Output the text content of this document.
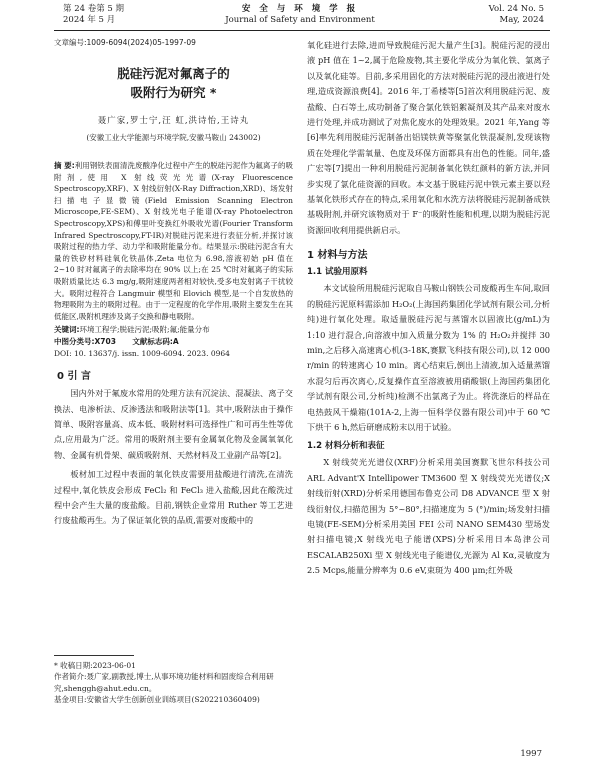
第 24 卷第 5 期
2024 年 5 月
安 全 与 环 境 学 报
Journal of Safety and Environment
Vol. 24 No. 5
May, 2024
文章编号:1009-6094(2024)05-1997-09
脱硅污泥对氟离子的
吸附行为研究 *
聂广家,罗士宁,汪 虹,洪诗怡,王诗丸
(安徽工业大学能源与环境学院,安徽马鞍山 243002)
摘 要:利用钢铁表面清洗废酸净化过程中产生的脱硅污泥作为氟离子的吸附剂,使用 X 射线荧光光谱(X-ray Fluorescence Spectroscopy,XRF)、X 射线衍射(X-Ray Diffraction,XRD)、场发射扫描电子显微镜(Field Emission Scanning Electron Microscope,FE-SEM)、X 射线光电子能谱(X-ray Photoelectron Spectroscopy,XPS)和傅里叶变换红外吸收光谱(Fourier Transform Infrared Spectroscopy,FT-IR)对脱硅污泥来进行表征分析,并探讨该吸附过程的热力学、动力学和吸附能量分布。结果显示:脱硅污泥含有大量的铁矽材料硅氧化铁晶体,Zeta 电位为 6.98,溶液初始 pH 值在 2~10 时对氟离子的去除率均在 90% 以上;在 25 ℃时对氟离子的实际吸附质量比达 6.3 mg/g,吸附速度两者相对较快,受多电发射离子干扰较大。吸附过程符合 Langmuir 模型和 Elovich 模型,是一个自发放热的物理吸附为主的吸附过程。由于一定程度的化学作用,吸附主要发生在其低能区,吸附机理涉及离子交换和静电吸附。
关键词:环境工程学;脱硅污泥;吸附;氟;能量分布
中图分类号:X703 文献标志码:A
DOI: 10. 13637/j. issn. 1009-6094. 2023. 0964
0 引 言

国内外对于氟废水常用的处理方法有沉淀法、混凝法、离子交换法、电渗析法、反渗透法和吸附法等[1]。其中,吸附法由于操作简单、吸附容量高、成本低、吸附材料可选择性广和可再生性等优点,应用最为广泛。常用的吸附剂主要有金属氧化物及金属氧氧化物、金属有机骨架、碳质吸附剂、天然材料及工业副产品等[2]。

板材加工过程中表面的氧化铁皮需要用盐酸进行清洗,在清洗过程中,氧化铁皮会形成 FeCl₂ 和 FeCl₃ 进入盐酸,因此在酸洗过程中会产生大量的废盐酸。目前,钢铁企业常用 Ruther 等工艺进行废盐酸再生。为了保证氧化铁的品质,需要对废酸中的

* 收稿日期:2023-06-01

作者简介:聂广家,副教授,博士,从事环境功能材料和固废综合利用研究,shenggh@ahut.edu.cn。

基金项目:安徽省大学生创新创业训练项目(S202210360409)

氧化硅进行去除,进而导致脱硅污泥大量产生[3]。脱硅污泥的浸出液 pH 值在 1~2,属于危险废物,其主要化学成分为氧化铁、氯离子以及氧化硅等。目前,多采用固化的方法对脱硅污泥的浸出液进行处理,造成资源浪费[4]。2016 年,丁希楼等[5]首次利用脱硅污泥、废盐酸、白石等土,成功制备了聚合氯化铁铝絮凝剂及其产品来对废水进行处理,并成功测试了对焦化废水的处理效果。2021 年,Yang 等[6]率先利用脱硅污泥制备出铝镁铁黄等聚氯化铁混凝剂,发现该物质在处理化学需氧量、色度及环保方面都具有出色的性能。同年,盛广宏等[7]提出一种利用脱硅污泥制备氧化铁红颜料的新方法,并同步实现了氯化硅资源的回收。本文基于脱硅污泥中铁元素主要以羟基氧化铁形式存在的特点,采用氧化和水洗方法将脱硅污泥制备成铁基吸附剂,并研究该物质对于 F⁻的吸附性能和机理,以期为脱硅污泥资源回收利用提供新启示。

1 材料与方法
1.1 试验用原料

本文试验所用脱硅污泥取自马鞍山钢铁公司废酸再生车间,取回的脱硅污泥原料需添加 H₂O₂(上海国药集团化学试剂有限公司,分析纯)进行氧化处理。取适量脱硅污泥与蒸馏水以固液比(g/mL)为 1:10 进行混合,向溶液中加入质量分数为 1% 的 H₂O₂并搅拌 30 min,之后移入高速离心机(3-18K,赛默飞科技有限公司),以 12 000 r/min 的转速离心 10 min。离心结束后,倒出上清液,加入适量蒸馏水混匀后再次离心,反复操作直至溶液被用硝酸银(上海国药集团化学试剂有限公司,分析纯)检测不出氯离子为止。将洗涤后的样品在电热鼓风干燥箱(101A-2,上海一恒科学仪器有限公司)中于 60 ℃下烘干 6 h,然后研磨成粉末以用于试验。

1.2 材料分析和表征

X 射线荧光光谱仪(XRF)分析采用美国赛默飞世尔科技公司 ARL Advant'X Intellipower TM3600 型 X 射线荧光光谱仪;X 射线衍射(XRD)分析采用德国布鲁克公司 D8 ADVANCE 型 X 射线衍射仪,扫描范围为 5°~80°,扫描速度为 5 (°)/min;场发射扫描电镜(FE-SEM)分析采用美国 FEI 公司 NANO SEM430 型场发射扫描电镜;X 射线光电子能谱(XPS)分析采用日本岛津公司 ESCALAB250Xi 型 X 射线光电子能谱仪,光源为 Al Kα,灵敏度为 2.5 Mcps,能量分辨率为 0.6 eV,束斑为 400 μm;红外吸

1997
